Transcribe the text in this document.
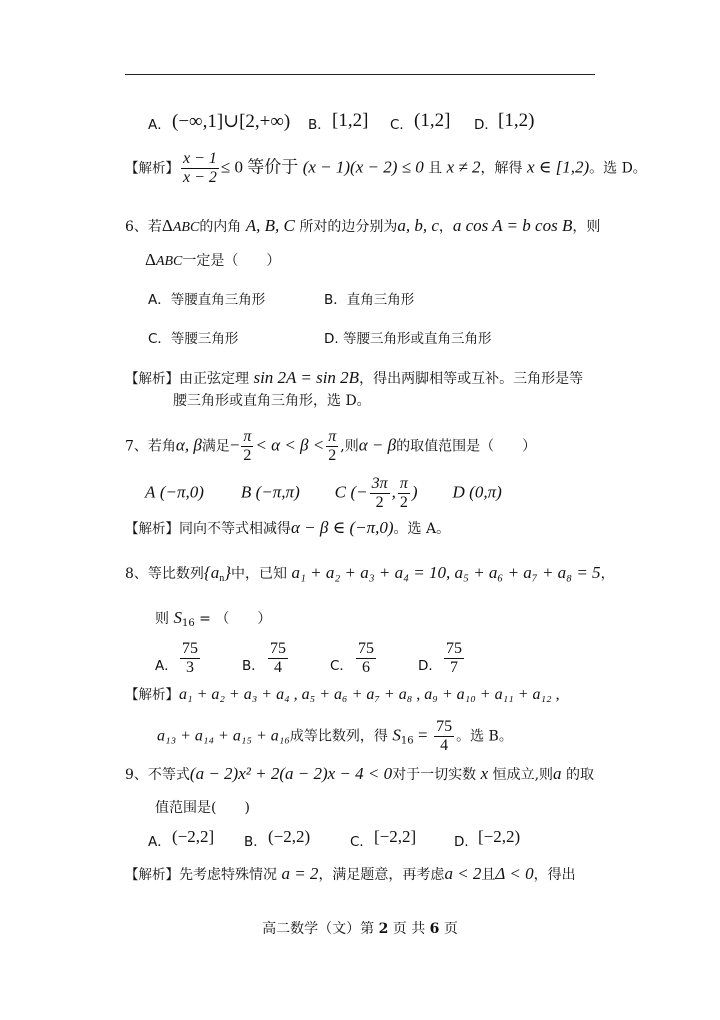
A． (−∞,1]∪[2,+∞) B． [1,2] C． (1,2] D． [1,2)
【解析】 $\frac{x - 1}{x - 2} \le 0$ 等价于 (x − 1)(x − 2) ≤ 0 且 x ≠ 2，解得 x ∈ [1,2)。选 D。
6、若ΔABC的内角 A, B, C 所对的边分别为a, b, c，a cos A = b cos B，则
ΔABC一定是（　　）
A．等腰直角三角形	B．直角三角形
C．等腰三角形	D. 等腰三角形或直角三角形
【解析】由正弦定理 sin 2A = sin 2B，得出两脚相等或互补。三角形是等
腰三角形或直角三角形，选 D。
7、若角α, β满足− $\frac{\pi}{2} < \alpha < \beta < \frac{\pi}{2}$ ,则α − β的取值范围是（　　）
A (−π,0) B (−π,π) C (− $\frac{3\pi}{2}$ , $\frac{\pi}{2}$ ) D (0,π)
【解析】同向不等式相减得α − β ∈ (−π,0)。选 A。
8、等比数列$\{a_n\}$中，已知 a₁ + a₂ + a₃ + a₄ = 10, a₅ + a₆ + a₇ + a₈ = 5，
则 $S_{16}$ = （　　）
A． $\frac{75}{3}$	B． $\frac{75}{4}$	C． $\frac{75}{6}$	D． $\frac{75}{7}$
【解析】a₁ + a₂ + a₃ + a₄ , a₅ + a₆ + a₇ + a₈ , a₉ + a₁₀ + a₁₁ + a₁₂ ,
a₁₃ + a₁₄ + a₁₅ + a₁₆成等比数列，得 $S_{16} = \frac{75}{4}$ 。选 B。
9、不等式(a − 2)x² + 2(a − 2)x − 4 < 0对于一切实数 x 恒成立,则a 的取
值范围是(　　)
A． (−2,2] B． (−2,2)	C． [−2,2]	D． [−2,2)
【解析】先考虑特殊情况 a = 2，满足题意，再考虑a < 2且Δ < 0，得出
高二数学（文）第 2 页 共 6 页
